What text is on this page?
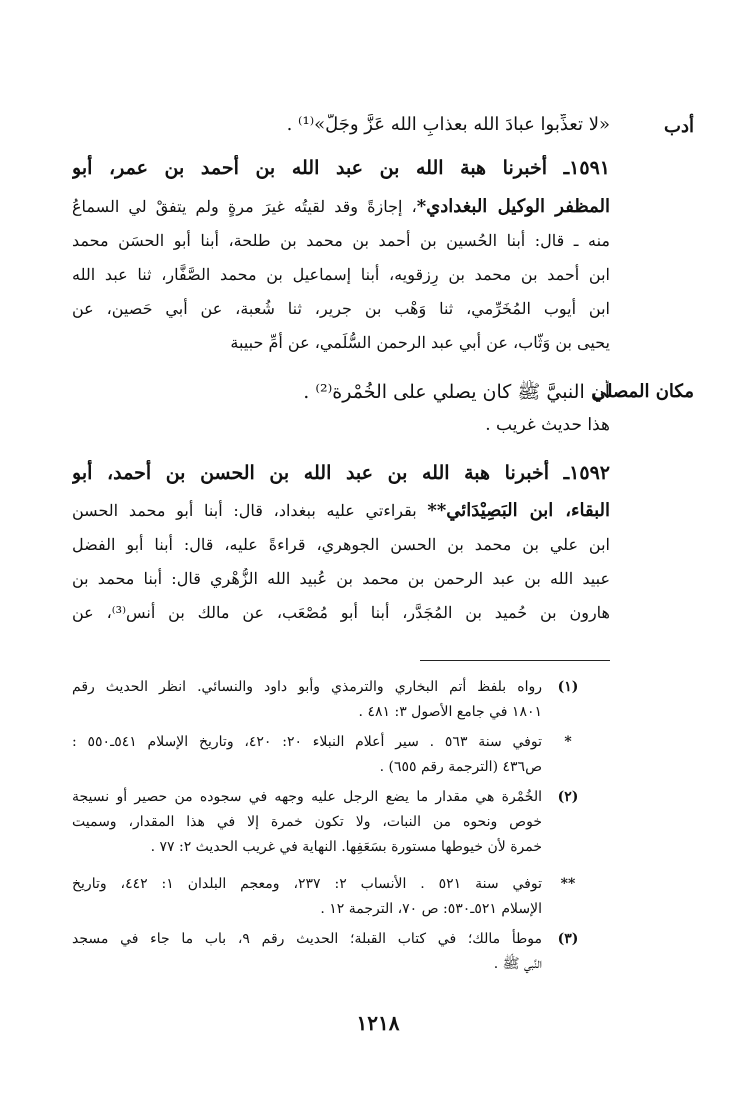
أدب
مكان المصلي
«لا تعذِّبوا عبادَ الله بعذابِ الله عَزَّ وجَلَّ»⁽¹⁾ .
١٥٩١ـ أخبرنا هبة الله بن عبد الله بن أحمد بن عمر، أبو
المظفر الوكيل البغدادي*، إجازةً وقد لقيتُه غيرَ مرةٍ ولم يتفقْ لي السماعُ
منه ـ قال: أبنا الحُسين بن أحمد بن محمد بن طلحة، أبنا أبو الحسَن محمد
ابن أحمد بن محمد بن رِزقويه، أبنا إسماعيل بن محمد الصَّفَّار، ثنا عبد الله
ابن أيوب المُخَرِّمي، ثنا وَهْب بن جرير، ثنا شُعبة، عن أبي حَصين، عن
يحيى بن وَثّاب، عن أبي عبد الرحمن السُّلَمي، عن أمِّ حبيبة
أن النبيَّ ﷺ كان يصلي على الخُمْرة⁽²⁾ .
هذا حديث غريب .
١٥٩٢ـ أخبرنا هبة الله بن عبد الله بن الحسن بن أحمد، أبو
البقاء، ابن البَصِيْدَائي** بقراءتي عليه ببغداد، قال: أبنا أبو محمد الحسن
ابن علي بن محمد بن الحسن الجوهري، قراءةً عليه، قال: أبنا أبو الفضل
عبيد الله بن عبد الرحمن بن محمد بن عُبيد الله الزُّهْري قال: أبنا محمد بن
هارون بن حُميد بن المُجَدَّر، أبنا أبو مُصْعَب، عن مالك بن أنس⁽³⁾، عن
(١)
رواه بلفظ أتم البخاري والترمذي وأبو داود والنسائي. انظر الحديث رقم
١٨٠١ في جامع الأصول ٣: ٤٨١ .
*
توفي سنة ٥٦٣ . سير أعلام النبلاء ٢٠: ٤٢٠، وتاريخ الإسلام ٥٤١ـ٥٥٠ :
ص٤٣٦ (الترجمة رقم ٦٥٥) .
(٢)
الخُمْرة هي مقدار ما يضع الرجل عليه وجهه في سجوده من حصير أو نسيجة
خوص ونحوه من النبات، ولا تكون خمرة إلا في هذا المقدار، وسميت
خمرة لأن خيوطها مستورة بسَعَفِها. النهاية في غريب الحديث ٢: ٧٧ .
**
توفي سنة ٥٢١ . الأنساب ٢: ٢٣٧، ومعجم البلدان ١: ٤٤٢، وتاريخ
الإسلام ٥٢١ـ٥٣٠: ص ٧٠، الترجمة ١٢ .
(٣)
موطأ مالك؛ في كتاب القبلة؛ الحديث رقم ٩، باب ما جاء في مسجد
النَّبي ﷺ .
١٢١٨
